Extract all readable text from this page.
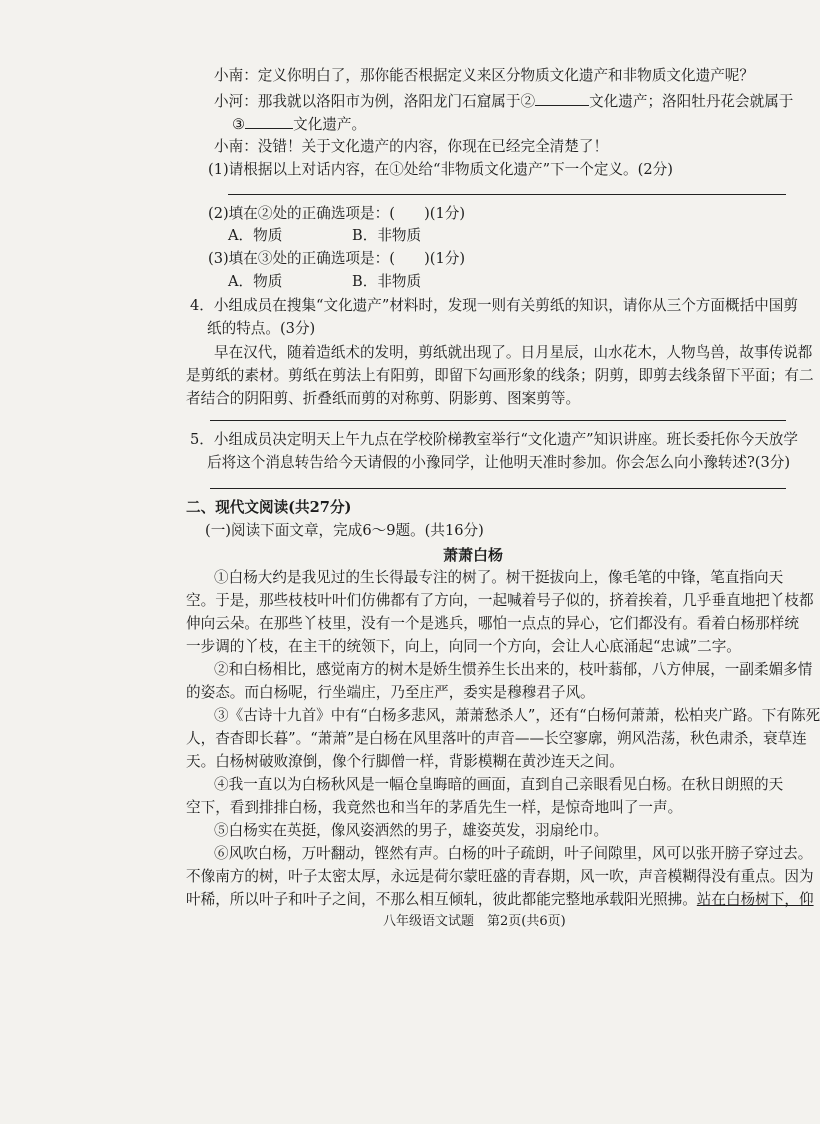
小南：定义你明白了，那你能否根据定义来区分物质文化遗产和非物质文化遗产呢？
小河：那我就以洛阳市为例，洛阳龙门石窟属于②	文化遗产；洛阳牡丹花会就属于
③	文化遗产。
小南：没错！关于文化遗产的内容，你现在已经完全清楚了！
(1)请根据以上对话内容，在①处给“非物质文化遗产”下一个定义。(2分)
(2)填在②处的正确选项是：(　　)(1分)
A．物质	B．非物质
(3)填在③处的正确选项是：(　　)(1分)
A．物质	B．非物质
4．小组成员在搜集“文化遗产”材料时，发现一则有关剪纸的知识，请你从三个方面概括中国剪
纸的特点。(3分)
早在汉代，随着造纸术的发明，剪纸就出现了。日月星辰，山水花木，人物鸟兽，故事传说都
是剪纸的素材。剪纸在剪法上有阳剪，即留下勾画形象的线条；阴剪，即剪去线条留下平面；有二
者结合的阴阳剪、折叠纸而剪的对称剪、阴影剪、图案剪等。
5．小组成员决定明天上午九点在学校阶梯教室举行“文化遗产”知识讲座。班长委托你今天放学
后将这个消息转告给今天请假的小豫同学，让他明天准时参加。你会怎么向小豫转述?(3分)
二、现代文阅读(共27分)
(一)阅读下面文章，完成6～9题。(共16分)
萧萧白杨
①白杨大约是我见过的生长得最专注的树了。树干挺拔向上，像毛笔的中锋，笔直指向天
空。于是，那些枝枝叶叶们仿佛都有了方向，一起喊着号子似的，挤着挨着，几乎垂直地把丫枝都
伸向云朵。在那些丫枝里，没有一个是逃兵，哪怕一点点的异心，它们都没有。看着白杨那样统
一步调的丫枝，在主干的统领下，向上，向同一个方向，会让人心底涌起“忠诚”二字。
②和白杨相比，感觉南方的树木是娇生惯养生长出来的，枝叶蓊郁，八方伸展，一副柔媚多情
的姿态。而白杨呢，行坐端庄，乃至庄严，委实是穆穆君子风。
③《古诗十九首》中有“白杨多悲风，萧萧愁杀人”，还有“白杨何萧萧，松柏夹广路。下有陈死
人，杳杳即长暮”。“萧萧”是白杨在风里落叶的声音——长空寥廓，朔风浩荡，秋色肃杀，衰草连
天。白杨树破败潦倒，像个行脚僧一样，背影模糊在黄沙连天之间。
④我一直以为白杨秋风是一幅仓皇晦暗的画面，直到自己亲眼看见白杨。在秋日朗照的天
空下，看到排排白杨，我竟然也和当年的茅盾先生一样，是惊奇地叫了一声。
⑤白杨实在英挺，像风姿洒然的男子，雄姿英发，羽扇纶巾。
⑥风吹白杨，万叶翻动，铿然有声。白杨的叶子疏朗，叶子间隙里，风可以张开膀子穿过去。
不像南方的树，叶子太密太厚，永远是荷尔蒙旺盛的青春期，风一吹，声音模糊得没有重点。因为
叶稀，所以叶子和叶子之间，不那么相互倾轧，彼此都能完整地承载阳光照拂。站在白杨树下，仰
八年级语文试题　第2页(共6页)
